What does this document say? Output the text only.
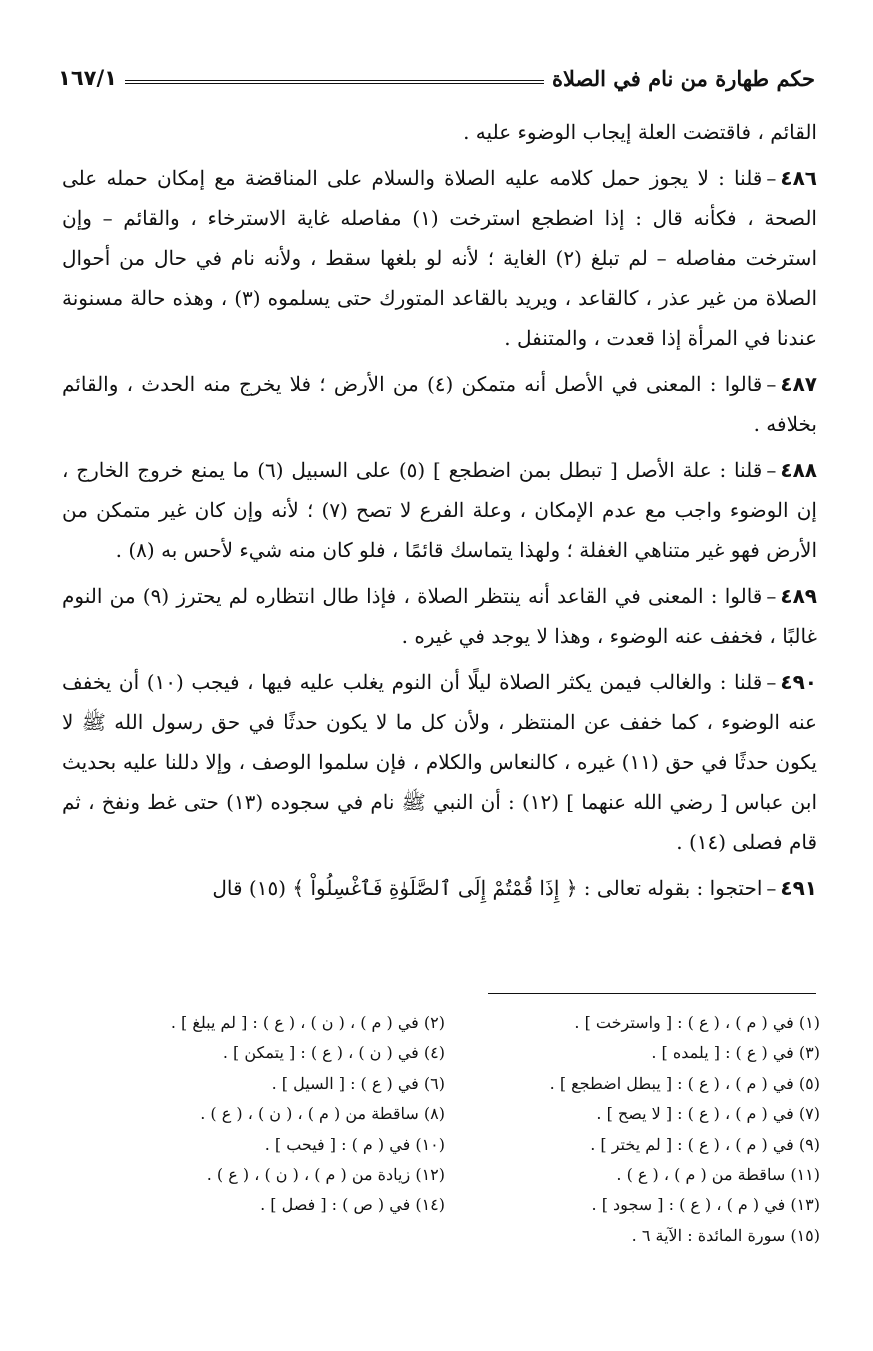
حكم طهارة من نام في الصلاة
١٦٧/١

القائم ، فاقتضت العلة إيجاب الوضوء عليه .

٤٨٦–قلنا : لا يجوز حمل كلامه عليه الصلاة والسلام على المناقضة مع إمكان حمله على الصحة ، فكأنه قال : إذا اضطجع استرخت (١) مفاصله غاية الاسترخاء ، والقائم – وإن استرخت مفاصله – لم تبلغ (٢) الغاية ؛ لأنه لو بلغها سقط ، ولأنه نام في حال من أحوال الصلاة من غير عذر ، كالقاعد ، ويريد بالقاعد المتورك حتى يسلموه (٣) ، وهذه حالة مسنونة عندنا في المرأة إذا قعدت ، والمتنفل .

٤٨٧–قالوا : المعنى في الأصل أنه متمكن (٤) من الأرض ؛ فلا يخرج منه الحدث ، والقائم بخلافه .

٤٨٨–قلنا : علة الأصل [ تبطل بمن اضطجع ] (٥) على السبيل (٦) ما يمنع خروج الخارج ، إن الوضوء واجب مع عدم الإمكان ، وعلة الفرع لا تصح (٧) ؛ لأنه وإن كان غير متمكن من الأرض فهو غير متناهي الغفلة ؛ ولهذا يتماسك قائمًا ، فلو كان منه شيء لأحس به (٨) .

٤٨٩–قالوا : المعنى في القاعد أنه ينتظر الصلاة ، فإذا طال انتظاره لم يحترز (٩) من النوم غالبًا ، فخفف عنه الوضوء ، وهذا لا يوجد في غيره .

٤٩٠–قلنا : والغالب فيمن يكثر الصلاة ليلًا أن النوم يغلب عليه فيها ، فيجب (١٠) أن يخفف عنه الوضوء ، كما خفف عن المنتظر ، ولأن كل ما لا يكون حدثًا في حق رسول الله ﷺ لا يكون حدثًا في حق (١١) غيره ، كالنعاس والكلام ، فإن سلموا الوصف ، وإلا دللنا عليه بحديث ابن عباس [ رضي الله عنهما ] (١٢) : أن النبي ﷺ نام في سجوده (١٣) حتى غط ونفخ ، ثم قام فصلى (١٤) .

٤٩١–احتجوا : بقوله تعالى : ﴿ إِذَا قُمْتُمْ إِلَى ٱلصَّلَوٰةِ فَٱغْسِلُواْ ﴾ (١٥) قال

(١) في ( م ) ، ( ع ) : [ واسترخت ] .
(٢) في ( م ) ، ( ن ) ، ( ع ) : [ لم يبلغ ] .
(٣) في ( ع ) : [ يلمده ] .
(٤) في ( ن ) ، ( ع ) : [ يتمكن ] .
(٥) في ( م ) ، ( ع ) : [ يبطل اضطجع ] .
(٦) في ( ع ) : [ السيل ] .
(٧) في ( م ) ، ( ع ) : [ لا يصح ] .
(٨) ساقطة من ( م ) ، ( ن ) ، ( ع ) .
(٩) في ( م ) ، ( ع ) : [ لم يختر ] .
(١٠) في ( م ) : [ فيحب ] .
(١١) ساقطة من ( م ) ، ( ع ) .
(١٢) زيادة من ( م ) ، ( ن ) ، ( ع ) .
(١٣) في ( م ) ، ( ع ) : [ سجود ] .
(١٤) في ( ص ) : [ فصل ] .
(١٥) سورة المائدة : الآية ٦ .
